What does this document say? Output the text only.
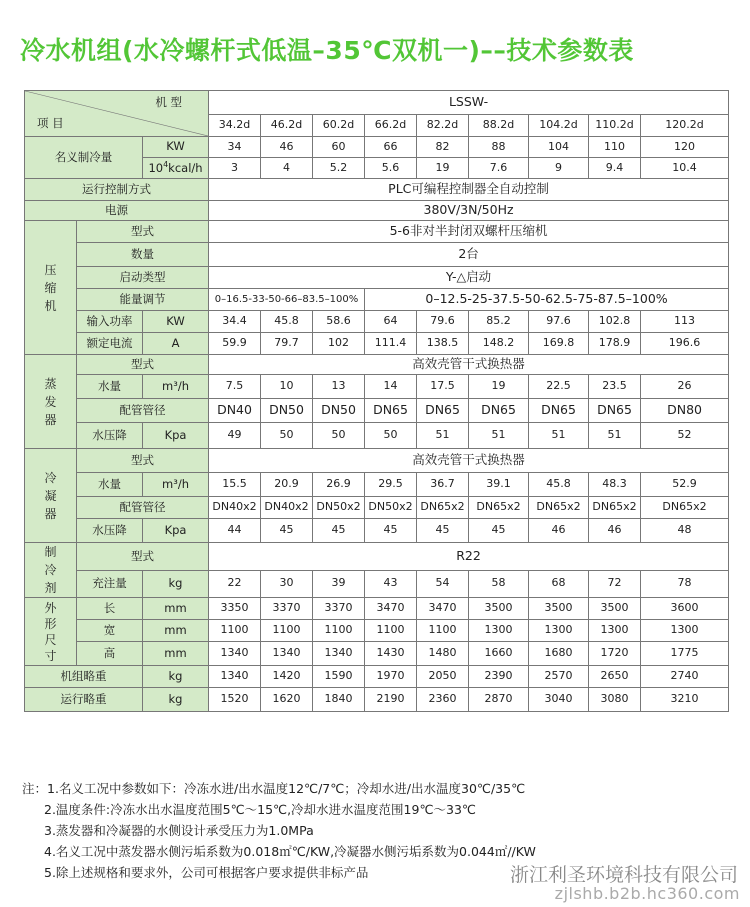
冷水机组(水冷螺杆式低温–35℃双机一)––技术参数表
项 目
机 型			LSSW-									
			34.2d	46.2d	60.2d	66.2d	82.2d	88.2d	104.2d	110.2d	120.2d	
名义制冷量		KW	34	46	60	66	82	88	104	110	120	
		$10^4kcal/h$	3	4	5.2	5.6	19	7.6	9	9.4	10.4	
运行控制方式			PLC可编程控制器全自动控制									
电源			380V/3N/50Hz									

压缩机	型式		5-6非对半封闭双螺杆压缩机									
	数量		2台									
	启动类型		Y-△启动									
	能量调节		0–16.5-33-50-66–83.5–100%			0–12.5-25-37.5-50-62.5-75-87.5–100%						
	输入功率	KW	34.4	45.8	58.6	64	79.6	85.2	97.6	102.8	113	
	额定电流	A	59.9	79.7	102	111.4	138.5	148.2	169.8	178.9	196.6	

蒸发器	型式		高效壳管干式换热器									
	水量	m³/h	7.5	10	13	14	17.5	19	22.5	23.5	26	
	配管管径		DN40	DN50	DN50	DN65	DN65	DN65	DN65	DN65	DN80	
	水压降	Kpa	49	50	50	50	51	51	51	51	52	

冷凝器	型式		高效壳管干式换热器									
	水量	m³/h	15.5	20.9	26.9	29.5	36.7	39.1	45.8	48.3	52.9	
	配管管径		DN40x2	DN40x2	DN50x2	DN50x2	DN65x2	DN65x2	DN65x2	DN65x2	DN65x2	
	水压降	Kpa	44	45	45	45	45	45	46	46	48	

制冷剂	型式		R22									
	充注量	kg	22	30	39	43	54	58	68	72	78	

外形尺寸	长	mm	3350	3370	3370	3470	3470	3500	3500	3500	3600	
	宽	mm	1100	1100	1100	1100	1100	1300	1300	1300	1300	
	高	mm	1340	1340	1340	1430	1480	1660	1680	1720	1775	
机组略重		kg	1340	1420	1590	1970	2050	2390	2570	2650	2740	
运行略重		kg	1520	1620	1840	2190	2360	2870	3040	3080	3210	
注：1.名义工况中参数如下：冷冻水进/出水温度12℃/7℃；冷却水进/出水温度30℃/35℃
2.温度条件:冷冻水出水温度范围5℃～15℃,冷却水进水温度范围19℃～33℃
3.蒸发器和冷凝器的水侧设计承受压力为1.0MPa
4.名义工况中蒸发器水侧污垢系数为0.018㎡℃/KW,冷凝器水侧污垢系数为0.044㎡//KW
5.除上述规格和要求外，公司可根据客户要求提供非标产品	浙江利圣环境科技有限公司
zjlshb.b2b.hc360.com
